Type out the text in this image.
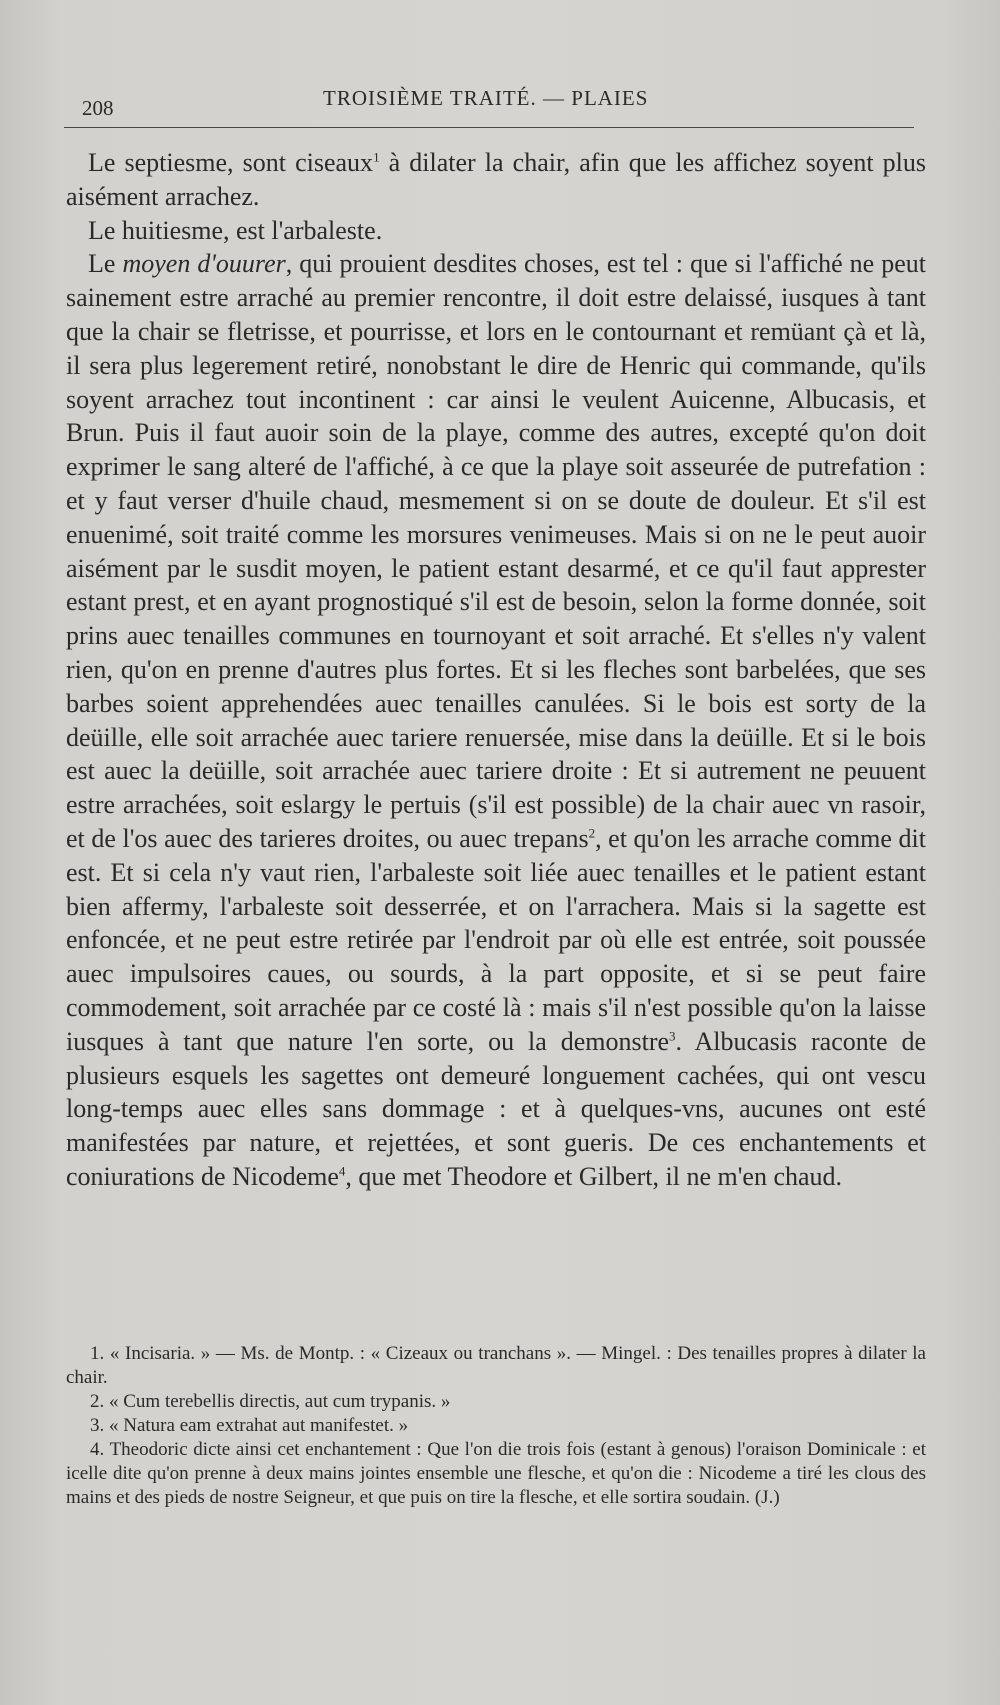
208	TROISIÈME TRAITÉ. — PLAIES

Le septiesme, sont ciseaux$^1$ à dilater la chair, afin que les affichez soyent plus aisément arrachez.

Le huitiesme, est l'arbaleste.

Le moyen d'ouurer, qui prouient desdites choses, est tel : que si l'affiché ne peut sainement estre arraché au premier rencontre, il doit estre delaissé, iusques à tant que la chair se fletrisse, et pourrisse, et lors en le contournant et remüant çà et là, il sera plus legerement retiré, nonobstant le dire de Henric qui commande, qu'ils soyent arrachez tout incontinent : car ainsi le veulent Auicenne, Albucasis, et Brun. Puis il faut auoir soin de la playe, comme des autres, excepté qu'on doit exprimer le sang alteré de l'affiché, à ce que la playe soit asseurée de putrefation : et y faut verser d'huile chaud, mesmement si on se doute de douleur. Et s'il est enuenimé, soit traité comme les morsures venimeuses. Mais si on ne le peut auoir aisément par le susdit moyen, le patient estant desarmé, et ce qu'il faut apprester estant prest, et en ayant prognostiqué s'il est de besoin, selon la forme donnée, soit prins auec tenailles communes en tournoyant et soit arraché. Et s'elles n'y valent rien, qu'on en prenne d'autres plus fortes. Et si les fleches sont barbelées, que ses barbes soient apprehendées auec tenailles canulées. Si le bois est sorty de la deüille, elle soit arrachée auec tariere renuersée, mise dans la deüille. Et si le bois est auec la deüille, soit arrachée auec tariere droite : Et si autrement ne peuuent estre arrachées, soit eslargy le pertuis (s'il est possible) de la chair auec vn rasoir, et de l'os auec des tarieres droites, ou auec trepans$^2$, et qu'on les arrache comme dit est. Et si cela n'y vaut rien, l'arbaleste soit liée auec tenailles et le patient estant bien affermy, l'arbaleste soit desserrée, et on l'arrachera. Mais si la sagette est enfoncée, et ne peut estre retirée par l'endroit par où elle est entrée, soit poussée auec impulsoires caues, ou sourds, à la part opposite, et si se peut faire commodement, soit arrachée par ce costé là : mais s'il n'est possible qu'on la laisse iusques à tant que nature l'en sorte, ou la demonstre$^3$. Albucasis raconte de plusieurs esquels les sagettes ont demeuré longuement cachées, qui ont vescu long-temps auec elles sans dommage : et à quelques-vns, aucunes ont esté manifestées par nature, et rejettées, et sont gueris. De ces enchantements et coniurations de Nicodeme$^4$, que met Theodore et Gilbert, il ne m'en chaud.

1. « Incisaria. » — Ms. de Montp. : « Cizeaux ou tranchans ». — Mingel. : Des tenailles propres à dilater la chair.

2. « Cum terebellis directis, aut cum trypanis. »

3. « Natura eam extrahat aut manifestet. »

4. Theodoric dicte ainsi cet enchantement : Que l'on die trois fois (estant à genous) l'oraison Dominicale : et icelle dite qu'on prenne à deux mains jointes ensemble une flesche, et qu'on die : Nicodeme a tiré les clous des mains et des pieds de nostre Seigneur, et que puis on tire la flesche, et elle sortira soudain. (J.)
